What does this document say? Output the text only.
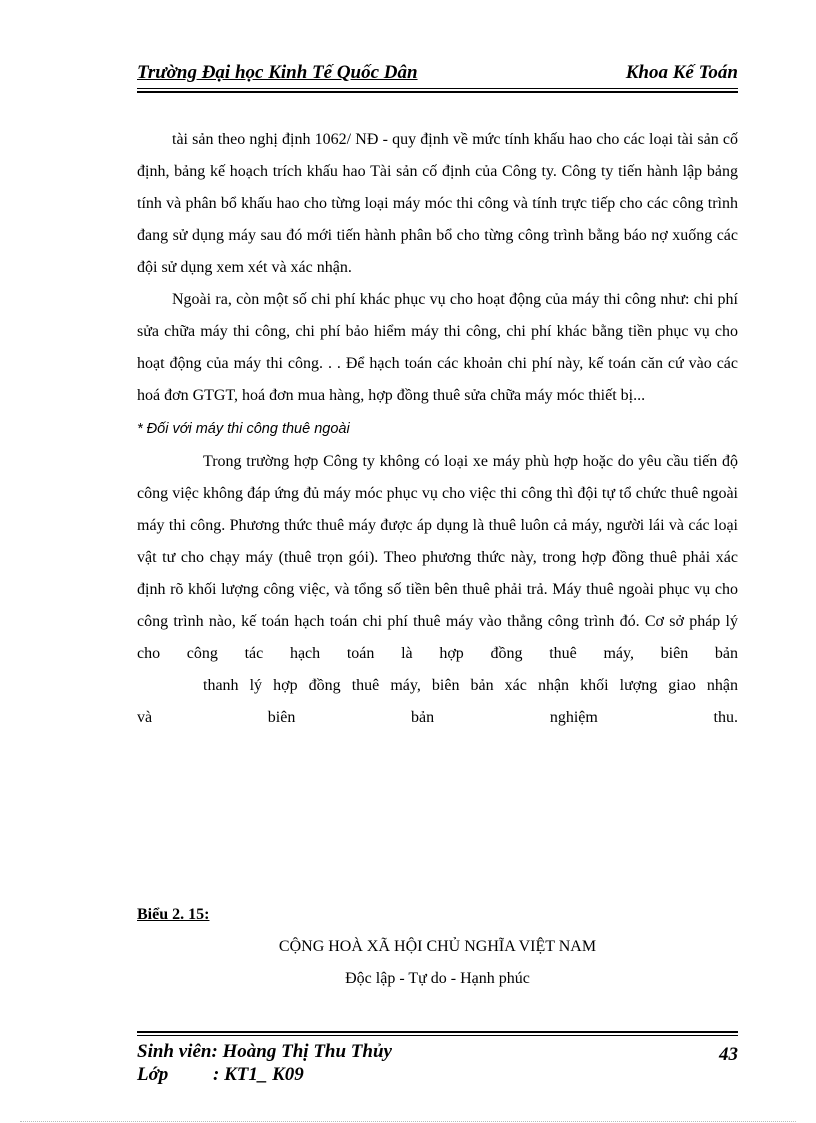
Trường Đại học Kinh Tế Quốc Dân	Khoa Kế Toán

tài sản theo nghị định 1062/ NĐ - quy định về mức tính khấu hao cho các loại tài sản cố định, bảng kế hoạch trích khấu hao Tài sản cố định của Công ty. Công ty tiến hành lập bảng tính và phân bổ khấu hao cho từng loại máy móc thi công và tính trực tiếp cho các công trình đang sử dụng máy sau đó mới tiến hành phân bổ cho từng công trình bằng báo nợ xuống các đội sử dụng xem xét và xác nhận.

Ngoài ra, còn một số chi phí khác phục vụ cho hoạt động của máy thi công như: chi phí sửa chữa máy thi công, chi phí bảo hiểm máy thi công, chi phí khác bằng tiền phục vụ cho hoạt động của máy thi công. . . Để hạch toán các khoản chi phí này, kế toán căn cứ vào các hoá đơn GTGT, hoá đơn mua hàng, hợp đồng thuê sửa chữa máy móc thiết bị...

* Đối với máy thi công thuê ngoài

Trong trường hợp Công ty không có loại xe máy phù hợp hoặc do yêu cầu tiến độ công việc không đáp ứng đủ máy móc phục vụ cho việc thi công thì đội tự tổ chức thuê ngoài máy thi công. Phương thức thuê máy được áp dụng là thuê luôn cả máy, người lái và các loại vật tư cho chạy máy (thuê trọn gói). Theo phương thức này, trong hợp đồng thuê phải xác định rõ khối lượng công việc, và tổng số tiền bên thuê phải trả. Máy thuê ngoài phục vụ cho công trình nào, kế toán hạch toán chi phí thuê máy vào thẳng công trình đó. Cơ sở pháp lý cho công tác hạch toán là hợp đồng thuê máy, biên bản

thanh lý hợp đồng thuê máy, biên bản xác nhận khối lượng giao nhận

và	biên	bản	nghiệm	thu.
Biểu 2. 15:
CỘNG HOÀ XÃ HỘI CHỦ NGHĨA VIỆT NAM
Độc lập - Tự do - Hạnh phúc
Sinh viên: Hoàng Thị Thu Thủy
Lớp : KT1_ K09
43
